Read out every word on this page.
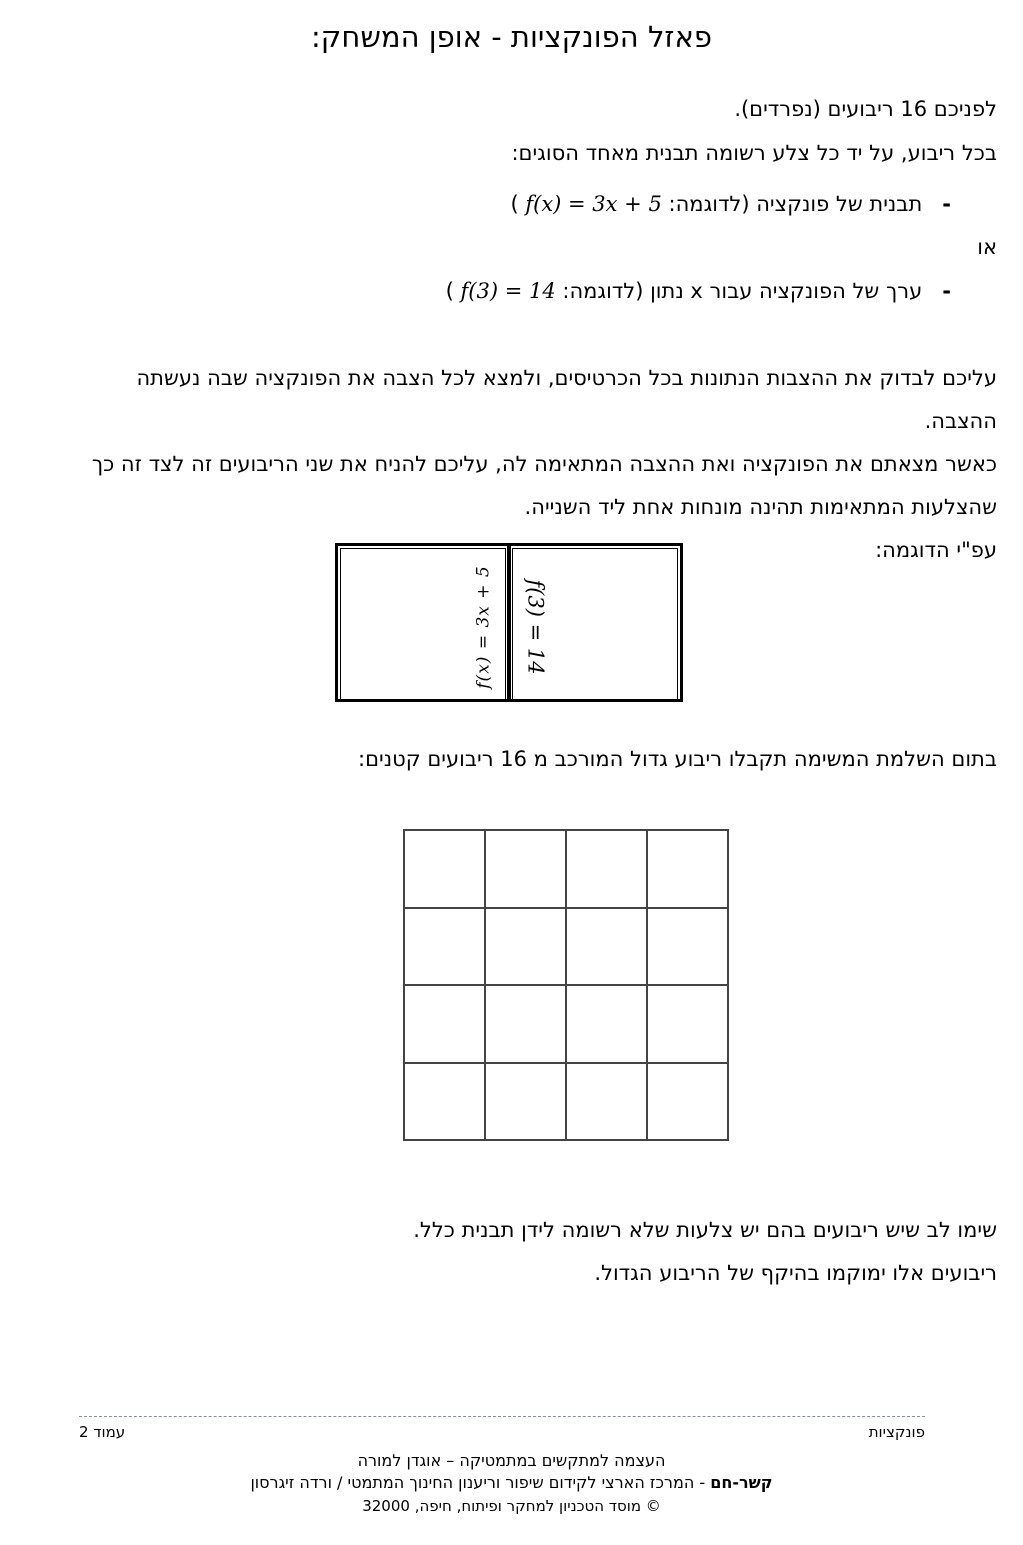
פאזל הפונקציות - אופן המשחק:
לפניכם 16 ריבועים (נפרדים).
בכל ריבוע, על יד כל צלע רשומה תבנית מאחד הסוגים:
-   תבנית של פונקציה (לדוגמה: f(x) = 3x + 5 )
או
-   ערך של הפונקציה עבור x נתון (לדוגמה: f(3) = 14 )
עליכם לבדוק את ההצבות הנתונות בכל הכרטיסים, ולמצא לכל הצבה את הפונקציה שבה נעשתה
ההצבה.
כאשר מצאתם את הפונקציה ואת ההצבה המתאימה לה, עליכם להניח את שני הריבועים זה לצד זה כך
שהצלעות המתאימות תהינה מונחות אחת ליד השנייה.
עפ"י הדוגמה:
f(x) = 3x + 5 f(3) = 14
בתום השלמת המשימה תקבלו ריבוע גדול המורכב מ 16 ריבועים קטנים:
שימו לב שיש ריבועים בהם יש צלעות שלא רשומה לידן תבנית כלל.
ריבועים אלו ימוקמו בהיקף של הריבוע הגדול.
פונקציות
עמוד 2
העצמה למתקשים במתמטיקה – אוגדן למורה
קשר-חם - המרכז הארצי לקידום שיפור וריענון החינוך המתמטי / ורדה זיגרסון
© מוסד הטכניון למחקר ופיתוח, חיפה, 32000
